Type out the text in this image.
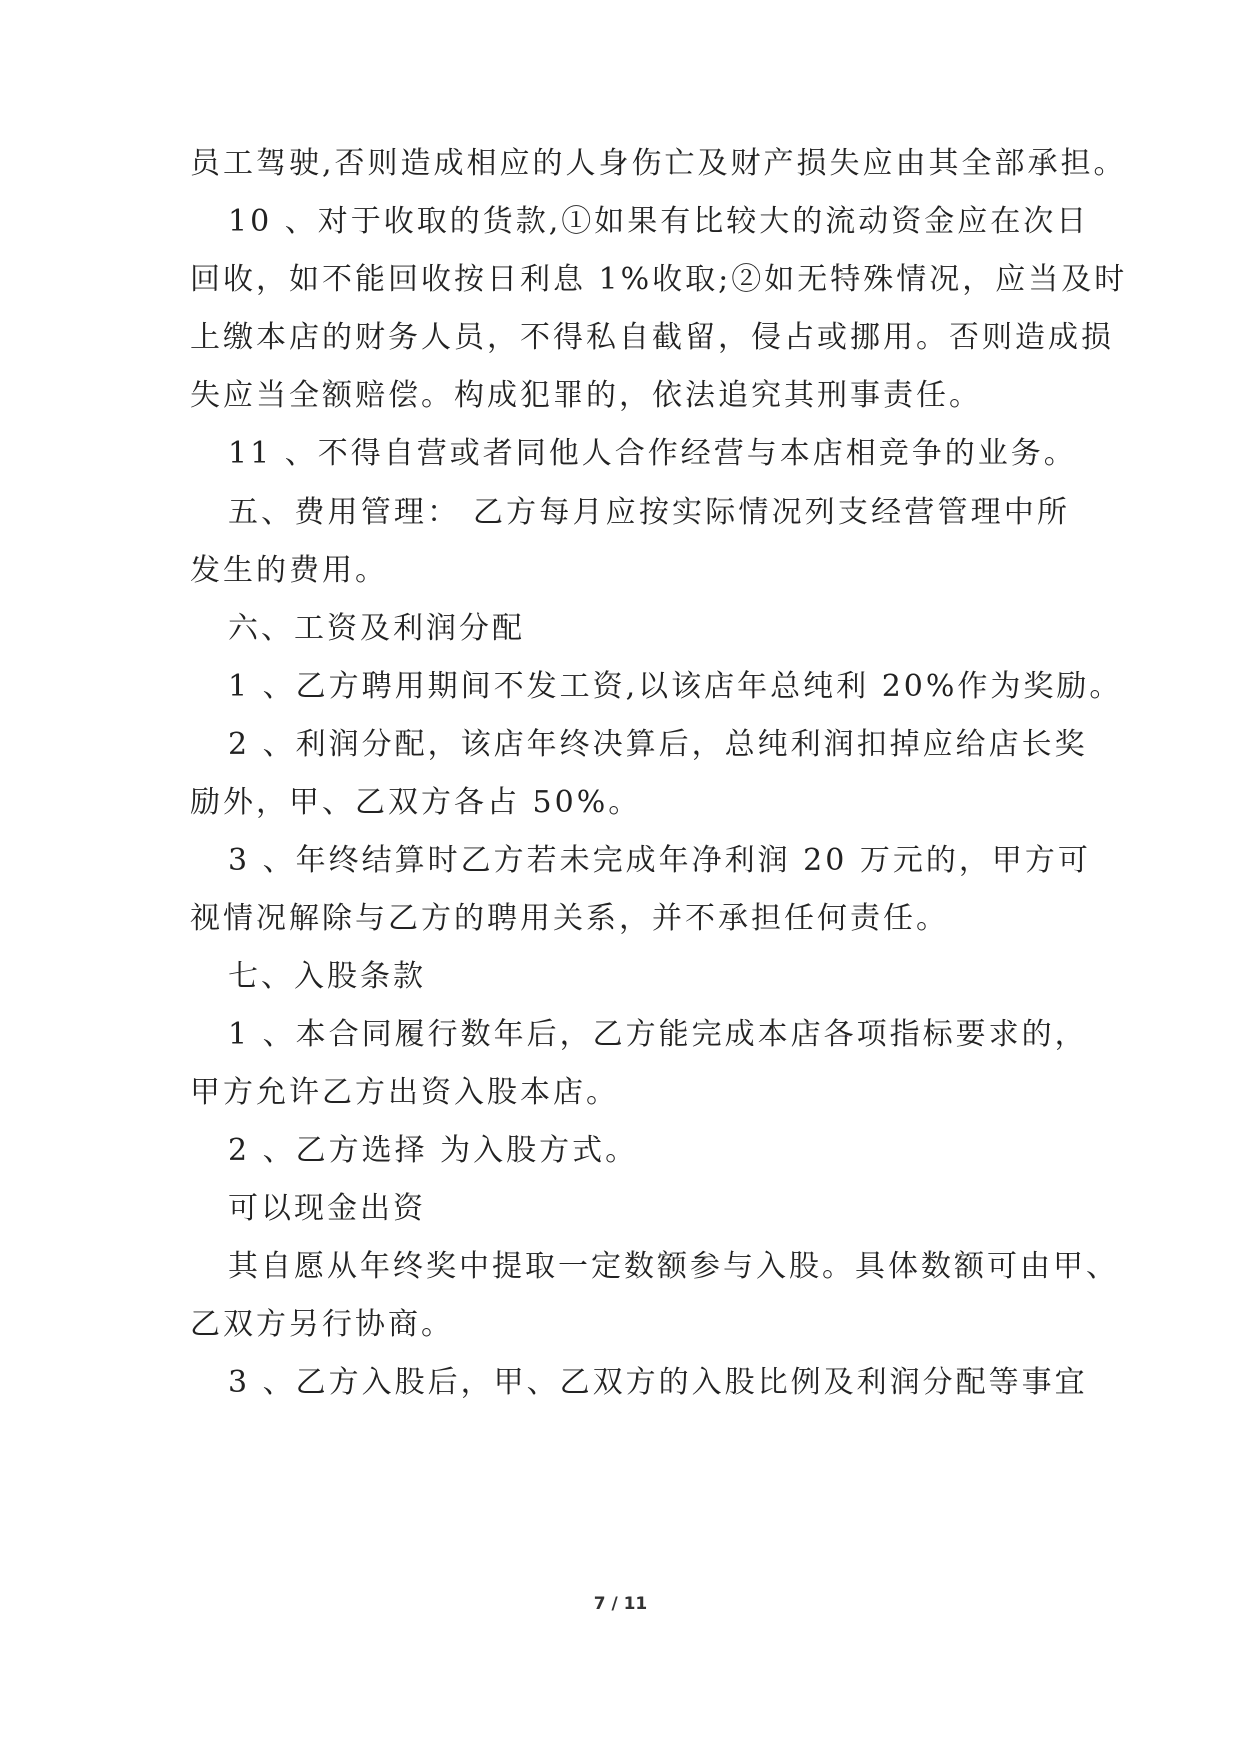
员工驾驶,否则造成相应的人身伤亡及财产损失应由其全部承担。
10 、对于收取的货款,①如果有比较大的流动资金应在次日
回收，如不能回收按日利息 1%收取;②如无特殊情况，应当及时
上缴本店的财务人员，不得私自截留，侵占或挪用。否则造成损
失应当全额赔偿。构成犯罪的，依法追究其刑事责任。
11 、不得自营或者同他人合作经营与本店相竞争的业务。
五、费用管理： 乙方每月应按实际情况列支经营管理中所
发生的费用。
六、工资及利润分配
1 、乙方聘用期间不发工资,以该店年总纯利 20%作为奖励。
2 、利润分配，该店年终决算后，总纯利润扣掉应给店长奖
励外，甲、乙双方各占 50%。
3 、年终结算时乙方若未完成年净利润 20 万元的，甲方可
视情况解除与乙方的聘用关系，并不承担任何责任。
七、入股条款
1 、本合同履行数年后，乙方能完成本店各项指标要求的，
甲方允许乙方出资入股本店。
2 、乙方选择 为入股方式。
可以现金出资
其自愿从年终奖中提取一定数额参与入股。具体数额可由甲、
乙双方另行协商。
3 、乙方入股后，甲、乙双方的入股比例及利润分配等事宜
7 / 11
